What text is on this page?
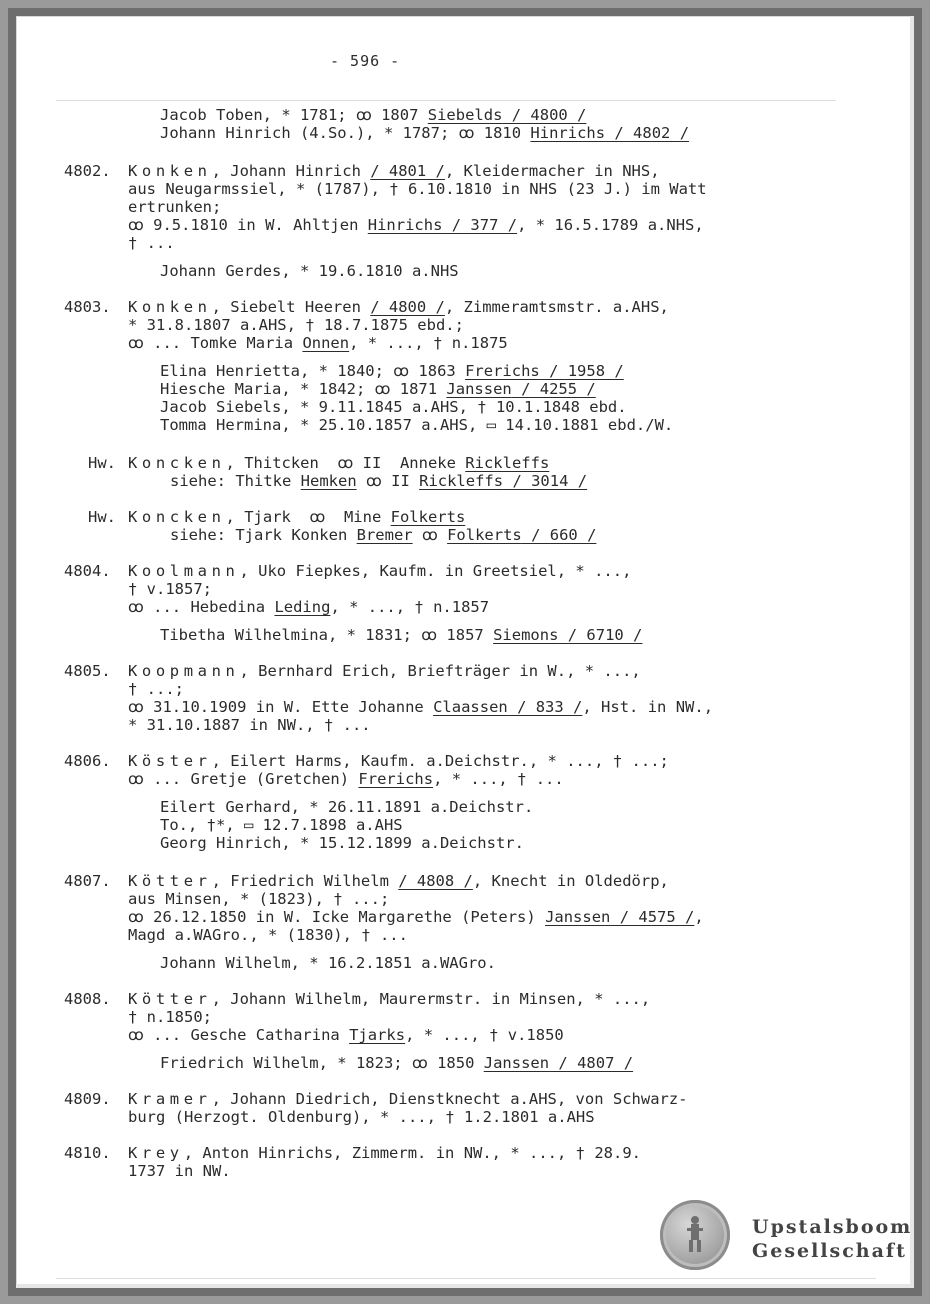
- 596 -
Jacob Toben, * 1781; ꝏ 1807 Siebelds / 4800 /
Johann Hinrich (4.So.), * 1787; ꝏ 1810 Hinrichs / 4802 /
4802. Konken, Johann Hinrich / 4801 /, Kleidermacher in NHS,
aus Neugarmssiel, * (1787), † 6.10.1810 in NHS (23 J.) im Watt
ertrunken;
ꝏ 9.5.1810 in W. Ahltjen Hinrichs / 377 /, * 16.5.1789 a.NHS,
† ...
Johann Gerdes, * 19.6.1810 a.NHS
4803. Konken, Siebelt Heeren / 4800 /, Zimmeramtsmstr. a.AHS,
* 31.8.1807 a.AHS, † 18.7.1875 ebd.;
ꝏ ... Tomke Maria Onnen, * ..., † n.1875
Elina Henrietta, * 1840; ꝏ 1863 Frerichs / 1958 /
Hiesche Maria, * 1842; ꝏ 1871 Janssen / 4255 /
Jacob Siebels, * 9.11.1845 a.AHS, † 10.1.1848 ebd.
Tomma Hermina, * 25.10.1857 a.AHS, ▭ 14.10.1881 ebd./W.
Hw. Koncken, Thitcken  ꝏ II  Anneke Rickleffs
siehe: Thitke Hemken ꝏ II Rickleffs / 3014 /
Hw. Koncken, Tjark  ꝏ  Mine Folkerts
siehe: Tjark Konken Bremer ꝏ Folkerts / 660 /
4804. Koolmann, Uko Fiepkes, Kaufm. in Greetsiel, * ...,
† v.1857;
ꝏ ... Hebedina Leding, * ..., † n.1857
Tibetha Wilhelmina, * 1831; ꝏ 1857 Siemons / 6710 /
4805. Koopmann, Bernhard Erich, Briefträger in W., * ...,
† ...;
ꝏ 31.10.1909 in W. Ette Johanne Claassen / 833 /, Hst. in NW.,
* 31.10.1887 in NW., † ...
4806. Köster, Eilert Harms, Kaufm. a.Deichstr., * ..., † ...;
ꝏ ... Gretje (Gretchen) Frerichs, * ..., † ...
Eilert Gerhard, * 26.11.1891 a.Deichstr.
To., †*, ▭ 12.7.1898 a.AHS
Georg Hinrich, * 15.12.1899 a.Deichstr.
4807. Kötter, Friedrich Wilhelm / 4808 /, Knecht in Oldedörp,
aus Minsen, * (1823), † ...;
ꝏ 26.12.1850 in W. Icke Margarethe (Peters) Janssen / 4575 /,
Magd a.WAGro., * (1830), † ...
Johann Wilhelm, * 16.2.1851 a.WAGro.
4808. Kötter, Johann Wilhelm, Maurermstr. in Minsen, * ...,
† n.1850;
ꝏ ... Gesche Catharina Tjarks, * ..., † v.1850
Friedrich Wilhelm, * 1823; ꝏ 1850 Janssen / 4807 /
4809. Kramer, Johann Diedrich, Dienstknecht a.AHS, von Schwarz-
burg (Herzogt. Oldenburg), * ..., † 1.2.1801 a.AHS
4810. Krey, Anton Hinrichs, Zimmerm. in NW., * ..., † 28.9.
1737 in NW.
Upstalsboom
Gesellschaft
